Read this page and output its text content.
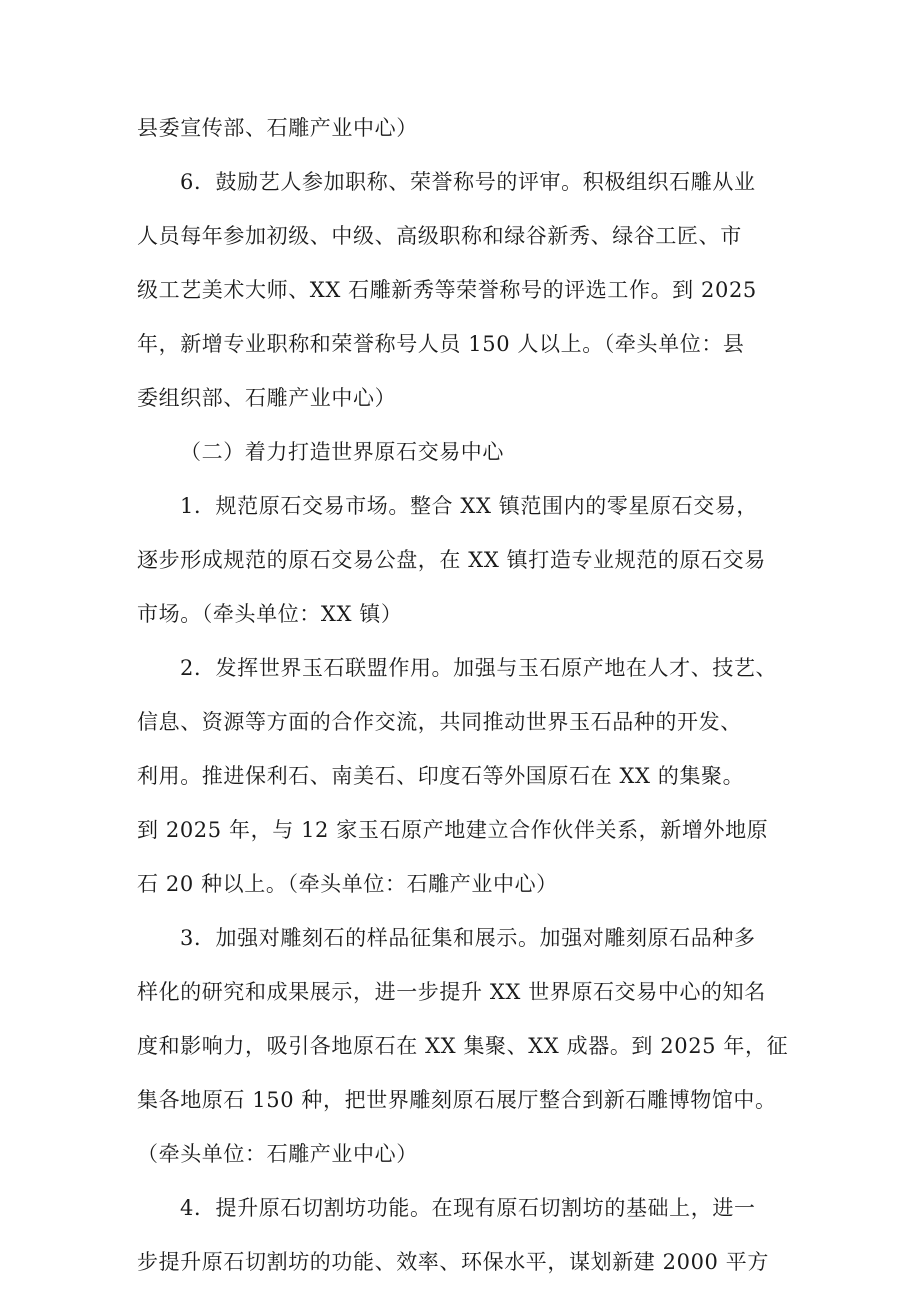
县委宣传部、石雕产业中心）
6．鼓励艺人参加职称、荣誉称号的评审。积极组织石雕从业
人员每年参加初级、中级、高级职称和绿谷新秀、绿谷工匠、市
级工艺美术大师、XX 石雕新秀等荣誉称号的评选工作。到 2025
年，新增专业职称和荣誉称号人员 150 人以上。（牵头单位：县
委组织部、石雕产业中心）
（二）着力打造世界原石交易中心
1．规范原石交易市场。整合 XX 镇范围内的零星原石交易，
逐步形成规范的原石交易公盘，在 XX 镇打造专业规范的原石交易
市场。（牵头单位：XX 镇）
2．发挥世界玉石联盟作用。加强与玉石原产地在人才、技艺、
信息、资源等方面的合作交流，共同推动世界玉石品种的开发、
利用。推进保利石、南美石、印度石等外国原石在 XX 的集聚。
到 2025 年，与 12 家玉石原产地建立合作伙伴关系，新增外地原
石 20 种以上。（牵头单位：石雕产业中心）
3．加强对雕刻石的样品征集和展示。加强对雕刻原石品种多
样化的研究和成果展示，进一步提升 XX 世界原石交易中心的知名
度和影响力，吸引各地原石在 XX 集聚、XX 成器。到 2025 年，征
集各地原石 150 种，把世界雕刻原石展厅整合到新石雕博物馆中。
（牵头单位：石雕产业中心）
4．提升原石切割坊功能。在现有原石切割坊的基础上，进一
步提升原石切割坊的功能、效率、环保水平，谋划新建 2000 平方
